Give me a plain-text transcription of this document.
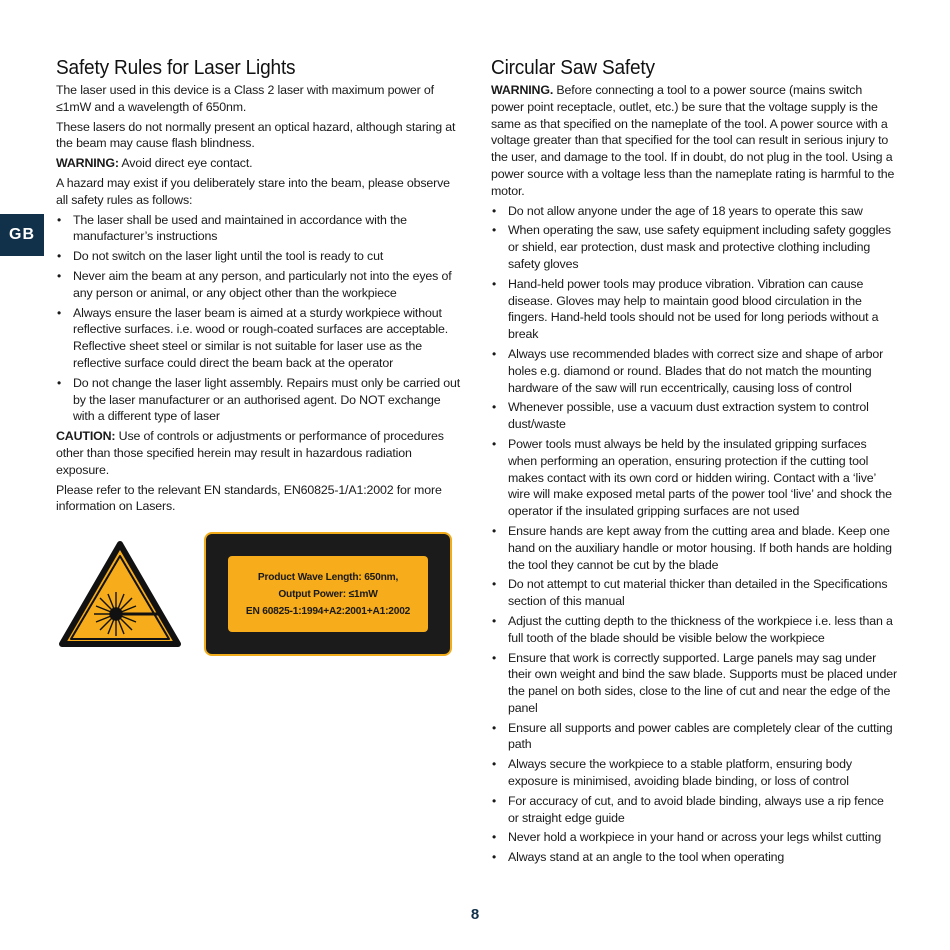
GB
Safety Rules for Laser Lights

The laser used in this device is a Class 2 laser with maximum power of ≤1mW and a wavelength of 650nm.

These lasers do not normally present an optical hazard, although staring at the beam may cause flash blindness.

WARNING: Avoid direct eye contact.

A hazard may exist if you deliberately stare into the beam, please observe all safety rules as follows:

• The laser shall be used and maintained in accordance with the manufacturer’s instructions
• Do not switch on the laser light until the tool is ready to cut
• Never aim the beam at any person, and particularly not into the eyes of any person or animal, or any object other than the workpiece
• Always ensure the laser beam is aimed at a sturdy workpiece without reflective surfaces. i.e. wood or rough-coated surfaces are acceptable. Reflective sheet steel or similar is not suitable for laser use as the reflective surface could direct the beam back at the operator
• Do not change the laser light assembly. Repairs must only be carried out by the laser manufacturer or an authorised agent. Do NOT exchange with a different type of laser

CAUTION: Use of controls or adjustments or performance of procedures other than those specified herein may result in hazardous radiation exposure.

Please refer to the relevant EN standards, EN60825-1/A1:2002 for more information on Lasers.

Product Wave Length: 650nm,
Output Power: ≤1mW
EN 60825-1:1994+A2:2001+A1:2002
Circular Saw Safety

WARNING. Before connecting a tool to a power source (mains switch power point receptacle, outlet, etc.) be sure that the voltage supply is the same as that specified on the nameplate of the tool. A power source with a voltage greater than that specified for the tool can result in serious injury to the user, and damage to the tool. If in doubt, do not plug in the tool. Using a power source with a voltage less than the nameplate rating is harmful to the motor.

• Do not allow anyone under the age of 18 years to operate this saw
• When operating the saw, use safety equipment including safety goggles or shield, ear protection, dust mask and protective clothing including safety gloves
• Hand-held power tools may produce vibration. Vibration can cause disease. Gloves may help to maintain good blood circulation in the fingers. Hand-held tools should not be used for long periods without a break
• Always use recommended blades with correct size and shape of arbor holes e.g. diamond or round. Blades that do not match the mounting hardware of the saw will run eccentrically, causing loss of control
• Whenever possible, use a vacuum dust extraction system to control dust/waste
• Power tools must always be held by the insulated gripping surfaces when performing an operation, ensuring protection if the cutting tool makes contact with its own cord or hidden wiring. Contact with a ‘live’ wire will make exposed metal parts of the power tool ‘live’ and shock the operator if the insulated gripping surfaces are not used
• Ensure hands are kept away from the cutting area and blade. Keep one hand on the auxiliary handle or motor housing. If both hands are holding the tool they cannot be cut by the blade
• Do not attempt to cut material thicker than detailed in the Specifications section of this manual
• Adjust the cutting depth to the thickness of the workpiece i.e. less than a full tooth of the blade should be visible below the workpiece
• Ensure that work is correctly supported. Large panels may sag under their own weight and bind the saw blade. Supports must be placed under the panel on both sides, close to the line of cut and near the edge of the panel
• Ensure all supports and power cables are completely clear of the cutting path
• Always secure the workpiece to a stable platform, ensuring body exposure is minimised, avoiding blade binding, or loss of control
• For accuracy of cut, and to avoid blade binding, always use a rip fence or straight edge guide
• Never hold a workpiece in your hand or across your legs whilst cutting
• Always stand at an angle to the tool when operating
8
